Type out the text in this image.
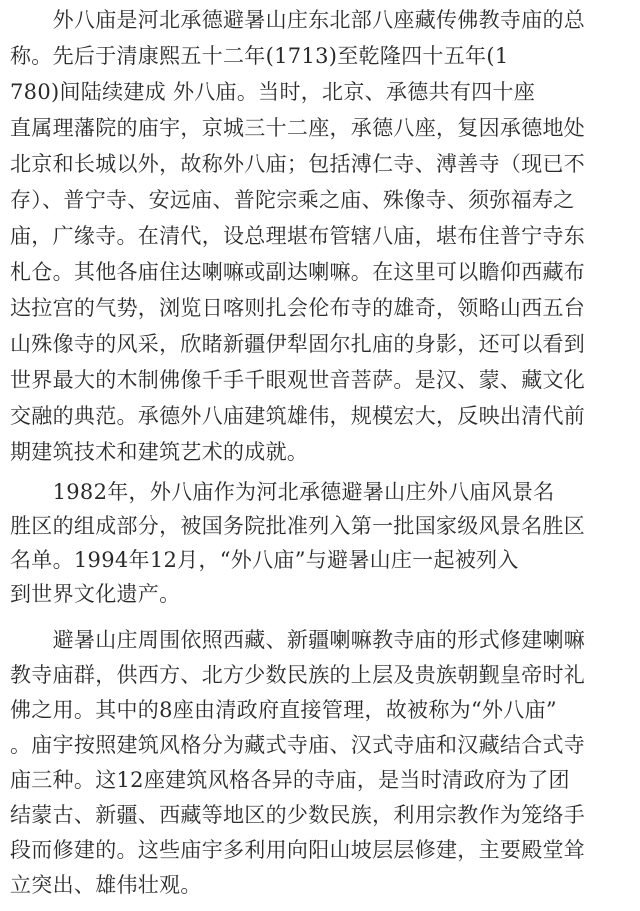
　　外八庙是河北承德避暑山庄东北部八座藏传佛教寺庙的总
称。先后于清康熙五十二年(1713)至乾隆四十五年(1
780)间陆续建成 外八庙。当时，北京、承德共有四十座
直属理藩院的庙宇，京城三十二座，承德八座，复因承德地处
北京和长城以外，故称外八庙；包括溥仁寺、溥善寺（现已不
存）、普宁寺、安远庙、普陀宗乘之庙、殊像寺、须弥福寿之
庙，广缘寺。在清代，设总理堪布管辖八庙，堪布住普宁寺东
札仓。其他各庙住达喇嘛或副达喇嘛。在这里可以瞻仰西藏布
达拉宫的气势，浏览日喀则扎会伦布寺的雄奇，领略山西五台
山殊像寺的风采，欣睹新疆伊犁固尔扎庙的身影，还可以看到
世界最大的木制佛像千手千眼观世音菩萨。是汉、蒙、藏文化
交融的典范。承德外八庙建筑雄伟，规模宏大，反映出清代前
期建筑技术和建筑艺术的成就。
　　1982年，外八庙作为河北承德避暑山庄外八庙风景名
胜区的组成部分，被国务院批准列入第一批国家级风景名胜区
名单。1994年12月，“外八庙”与避暑山庄一起被列入
到世界文化遗产。
　　避暑山庄周围依照西藏、新疆喇嘛教寺庙的形式修建喇嘛
教寺庙群，供西方、北方少数民族的上层及贵族朝觐皇帝时礼
佛之用。其中的8座由清政府直接管理，故被称为“外八庙”
。庙宇按照建筑风格分为藏式寺庙、汉式寺庙和汉藏结合式寺
庙三种。这12座建筑风格各异的寺庙，是当时清政府为了团
结蒙古、新疆、西藏等地区的少数民族，利用宗教作为笼络手
段而修建的。这些庙宇多利用向阳山坡层层修建，主要殿堂耸
立突出、雄伟壮观。
